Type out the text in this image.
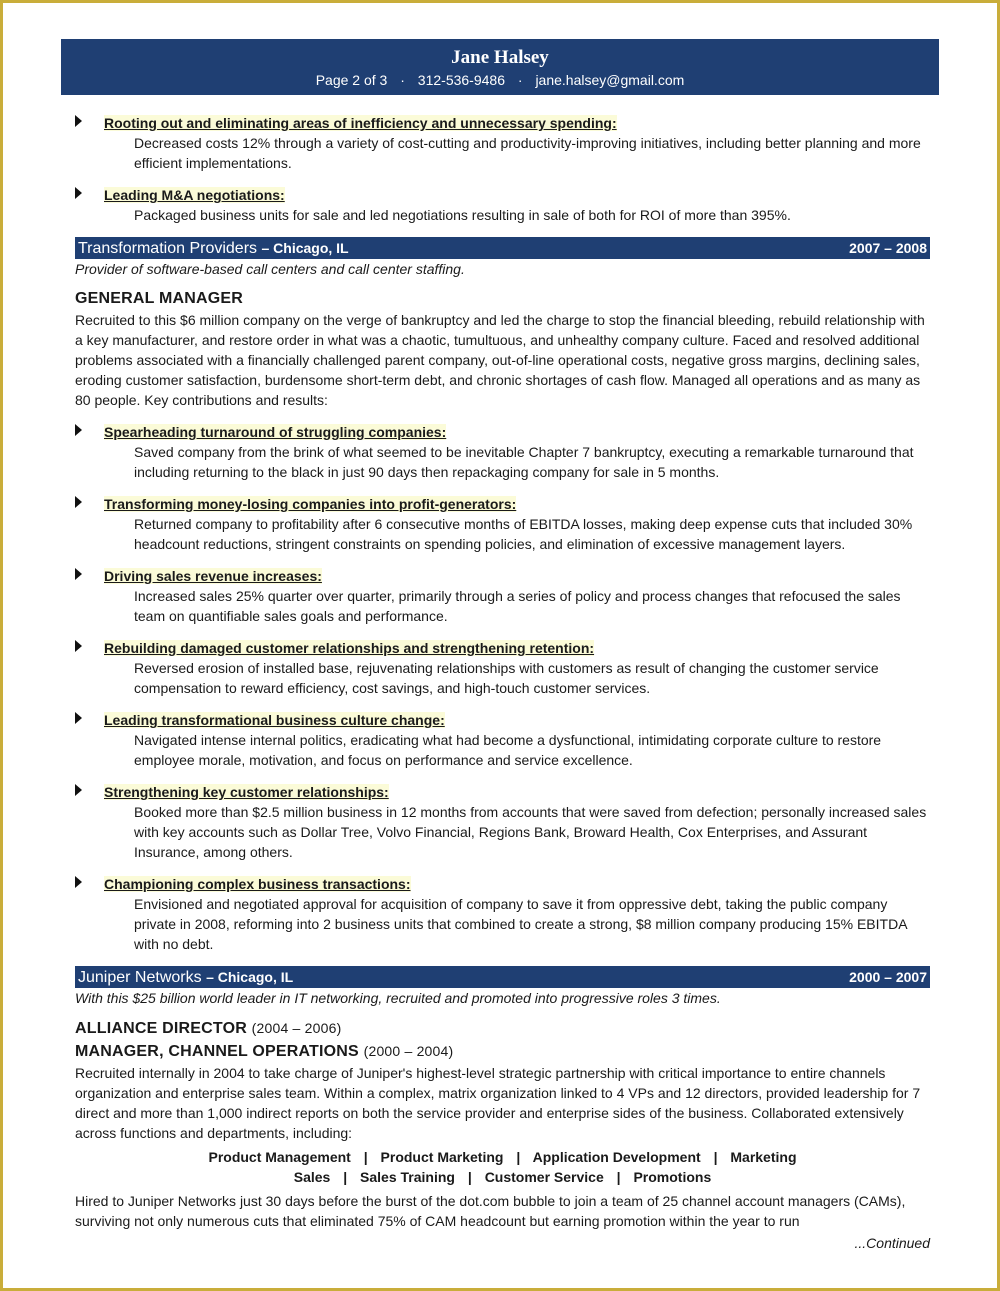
Jane Halsey
Page 2 of 3 · 312-536-9486 · jane.halsey@gmail.com
Rooting out and eliminating areas of inefficiency and unnecessary spending:
Decreased costs 12% through a variety of cost-cutting and productivity-improving initiatives, including better planning and more efficient implementations.
Leading M&A negotiations:
Packaged business units for sale and led negotiations resulting in sale of both for ROI of more than 395%.
Transformation Providers – Chicago, IL	2007 – 2008
Provider of software-based call centers and call center staffing.
GENERAL MANAGER
Recruited to this $6 million company on the verge of bankruptcy and led the charge to stop the financial bleeding, rebuild relationship with a key manufacturer, and restore order in what was a chaotic, tumultuous, and unhealthy company culture. Faced and resolved additional problems associated with a financially challenged parent company, out-of-line operational costs, negative gross margins, declining sales, eroding customer satisfaction, burdensome short-term debt, and chronic shortages of cash flow. Managed all operations and as many as 80 people. Key contributions and results:
Spearheading turnaround of struggling companies:
Saved company from the brink of what seemed to be inevitable Chapter 7 bankruptcy, executing a remarkable turnaround that including returning to the black in just 90 days then repackaging company for sale in 5 months.
Transforming money-losing companies into profit-generators:
Returned company to profitability after 6 consecutive months of EBITDA losses, making deep expense cuts that included 30% headcount reductions, stringent constraints on spending policies, and elimination of excessive management layers.
Driving sales revenue increases:
Increased sales 25% quarter over quarter, primarily through a series of policy and process changes that refocused the sales team on quantifiable sales goals and performance.
Rebuilding damaged customer relationships and strengthening retention:
Reversed erosion of installed base, rejuvenating relationships with customers as result of changing the customer service compensation to reward efficiency, cost savings, and high-touch customer services.
Leading transformational business culture change:
Navigated intense internal politics, eradicating what had become a dysfunctional, intimidating corporate culture to restore employee morale, motivation, and focus on performance and service excellence.
Strengthening key customer relationships:
Booked more than $2.5 million business in 12 months from accounts that were saved from defection; personally increased sales with key accounts such as Dollar Tree, Volvo Financial, Regions Bank, Broward Health, Cox Enterprises, and Assurant Insurance, among others.
Championing complex business transactions:
Envisioned and negotiated approval for acquisition of company to save it from oppressive debt, taking the public company private in 2008, reforming into 2 business units that combined to create a strong, $8 million company producing 15% EBITDA with no debt.
Juniper Networks – Chicago, IL	2000 – 2007
With this $25 billion world leader in IT networking, recruited and promoted into progressive roles 3 times.
ALLIANCE DIRECTOR (2004 – 2006)
MANAGER, CHANNEL OPERATIONS (2000 – 2004)
Recruited internally in 2004 to take charge of Juniper's highest-level strategic partnership with critical importance to entire channels organization and enterprise sales team. Within a complex, matrix organization linked to 4 VPs and 12 directors, provided leadership for 7 direct and more than 1,000 indirect reports on both the service provider and enterprise sides of the business. Collaborated extensively across functions and departments, including:
Product Management | Product Marketing | Application Development | Marketing
Sales | Sales Training | Customer Service | Promotions
Hired to Juniper Networks just 30 days before the burst of the dot.com bubble to join a team of 25 channel account managers (CAMs), surviving not only numerous cuts that eliminated 75% of CAM headcount but earning promotion within the year to run
...Continued
